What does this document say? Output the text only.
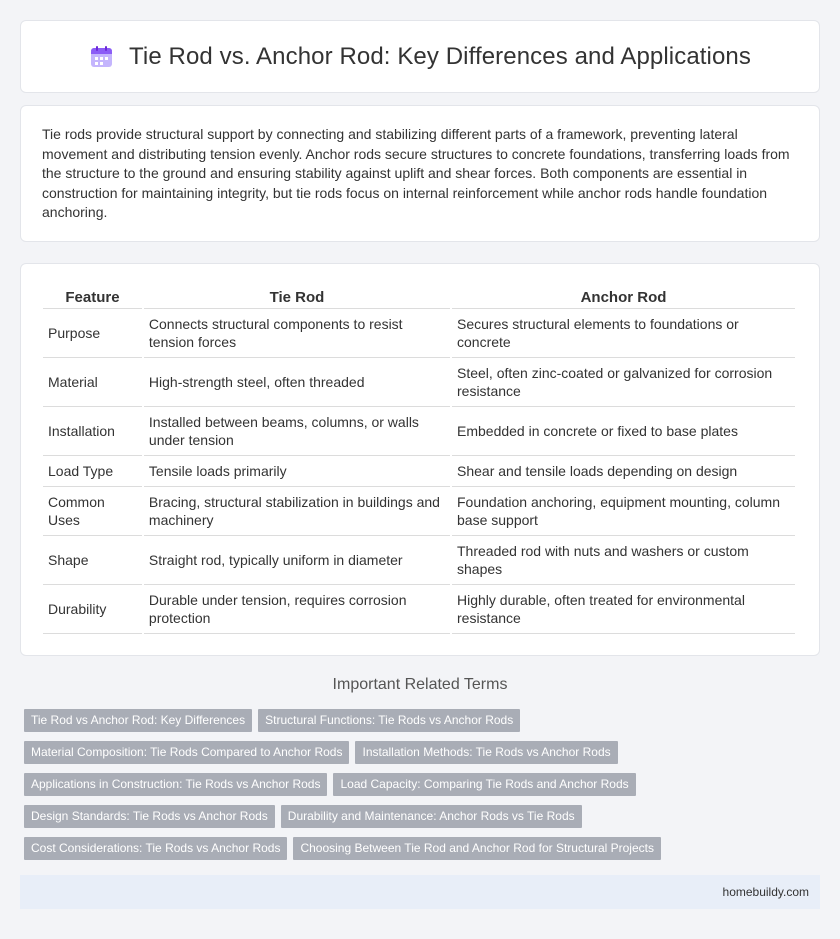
Tie Rod vs. Anchor Rod: Key Differences and Applications

Tie rods provide structural support by connecting and stabilizing different parts of a framework, preventing lateral movement and distributing tension evenly. Anchor rods secure structures to concrete foundations, transferring loads from the structure to the ground and ensuring stability against uplift and shear forces. Both components are essential in construction for maintaining integrity, but tie rods focus on internal reinforcement while anchor rods handle foundation anchoring.

Feature	Tie Rod	Anchor Rod
Purpose	Connects structural components to resist tension forces	Secures structural elements to foundations or concrete
Material	High-strength steel, often threaded	Steel, often zinc-coated or galvanized for corrosion resistance
Installation	Installed between beams, columns, or walls under tension	Embedded in concrete or fixed to base plates
Load Type	Tensile loads primarily	Shear and tensile loads depending on design
Common Uses	Bracing, structural stabilization in buildings and machinery	Foundation anchoring, equipment mounting, column base support
Shape	Straight rod, typically uniform in diameter	Threaded rod with nuts and washers or custom shapes
Durability	Durable under tension, requires corrosion protection	Highly durable, often treated for environmental resistance
Important Related Terms
Tie Rod vs Anchor Rod: Key Differences	Structural Functions: Tie Rods vs Anchor Rods
Material Composition: Tie Rods Compared to Anchor Rods	Installation Methods: Tie Rods vs Anchor Rods
Applications in Construction: Tie Rods vs Anchor Rods	Load Capacity: Comparing Tie Rods and Anchor Rods
Design Standards: Tie Rods vs Anchor Rods	Durability and Maintenance: Anchor Rods vs Tie Rods
Cost Considerations: Tie Rods vs Anchor Rods	Choosing Between Tie Rod and Anchor Rod for Structural Projects
homebuildy.com
